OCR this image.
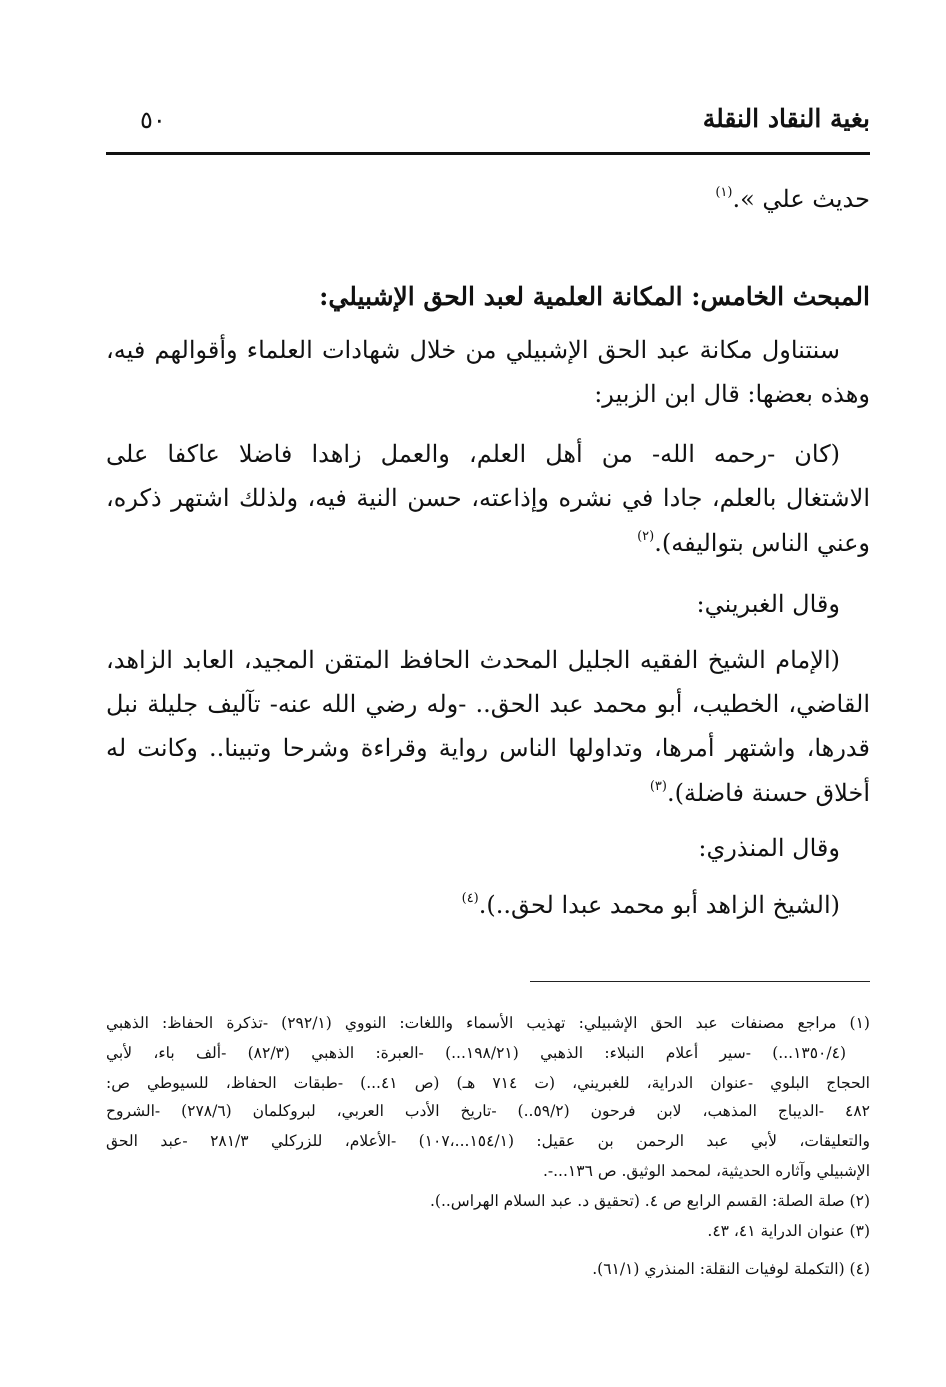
بغية النقاد النقلة
٥٠
حديث علي ».$^{(١)}$
المبحث الخامس: المكانة العلمية لعبد الحق الإشبيلي:
سنتناول مكانة عبد الحق الإشبيلي من خلال شهادات العلماء وأقوالهم فيه،
وهذه بعضها: قال ابن الزبير:
(كان -رحمه الله- من أهل العلم، والعمل زاهدا فاضلا عاكفا على
الاشتغال بالعلم، جادا في نشره وإذاعته، حسن النية فيه، ولذلك اشتهر ذكره،
وعني الناس بتواليفه).$^{(٢)}$
وقال الغبريني:
(الإمام الشيخ الفقيه الجليل المحدث الحافظ المتقن المجيد، العابد الزاهد،
القاضي، الخطيب، أبو محمد عبد الحق.. -وله رضي الله عنه- تآليف جليلة نبل
قدرها، واشتهر أمرها، وتداولها الناس رواية وقراءة وشرحا وتبينا.. وكانت له
أخلاق حسنة فاضلة).$^{(٣)}$
وقال المنذري:
(الشيخ الزاهد أبو محمد عبدا لحق..).$^{(٤)}$
(١) مراجع مصنفات عبد الحق الإشبيلي: تهذيب الأسماء واللغات: النووي (٢٩٢/١) -تذكرة الحفاظ: الذهبي
(١٣٥٠/٤...) -سير أعلام النبلاء: الذهبي (١٩٨/٢١...) -العبرة: الذهبي (٨٢/٣) -ألف باء، لأبي
الحجاج البلوي -عنوان الدراية، للغبريني، (ت ٧١٤ هـ) (ص ٤١...) -طبقات الحفاظ، للسيوطي ص:
٤٨٢ -الديباج المذهب، لابن فرحون (٥٩/٢..) -تاريخ الأدب العربي، لبروكلمان (٢٧٨/٦) -الشروح
والتعليقات، لأبي عبد الرحمن بن عقيل: (١٥٤/١...،١٠٧) -الأعلام، للزركلي ٢٨١/٣ -عبد الحق
الإشبيلي وآثاره الحديثية، لمحمد الوثيق. ص ١٣٦...-.
(٢) صلة الصلة: القسم الرابع ص ٤. (تحقيق د. عبد السلام الهراس..).
(٣) عنوان الدراية ٤١، ٤٣.
(٤) (التكملة لوفيات النقلة: المنذري (٦١/١).
